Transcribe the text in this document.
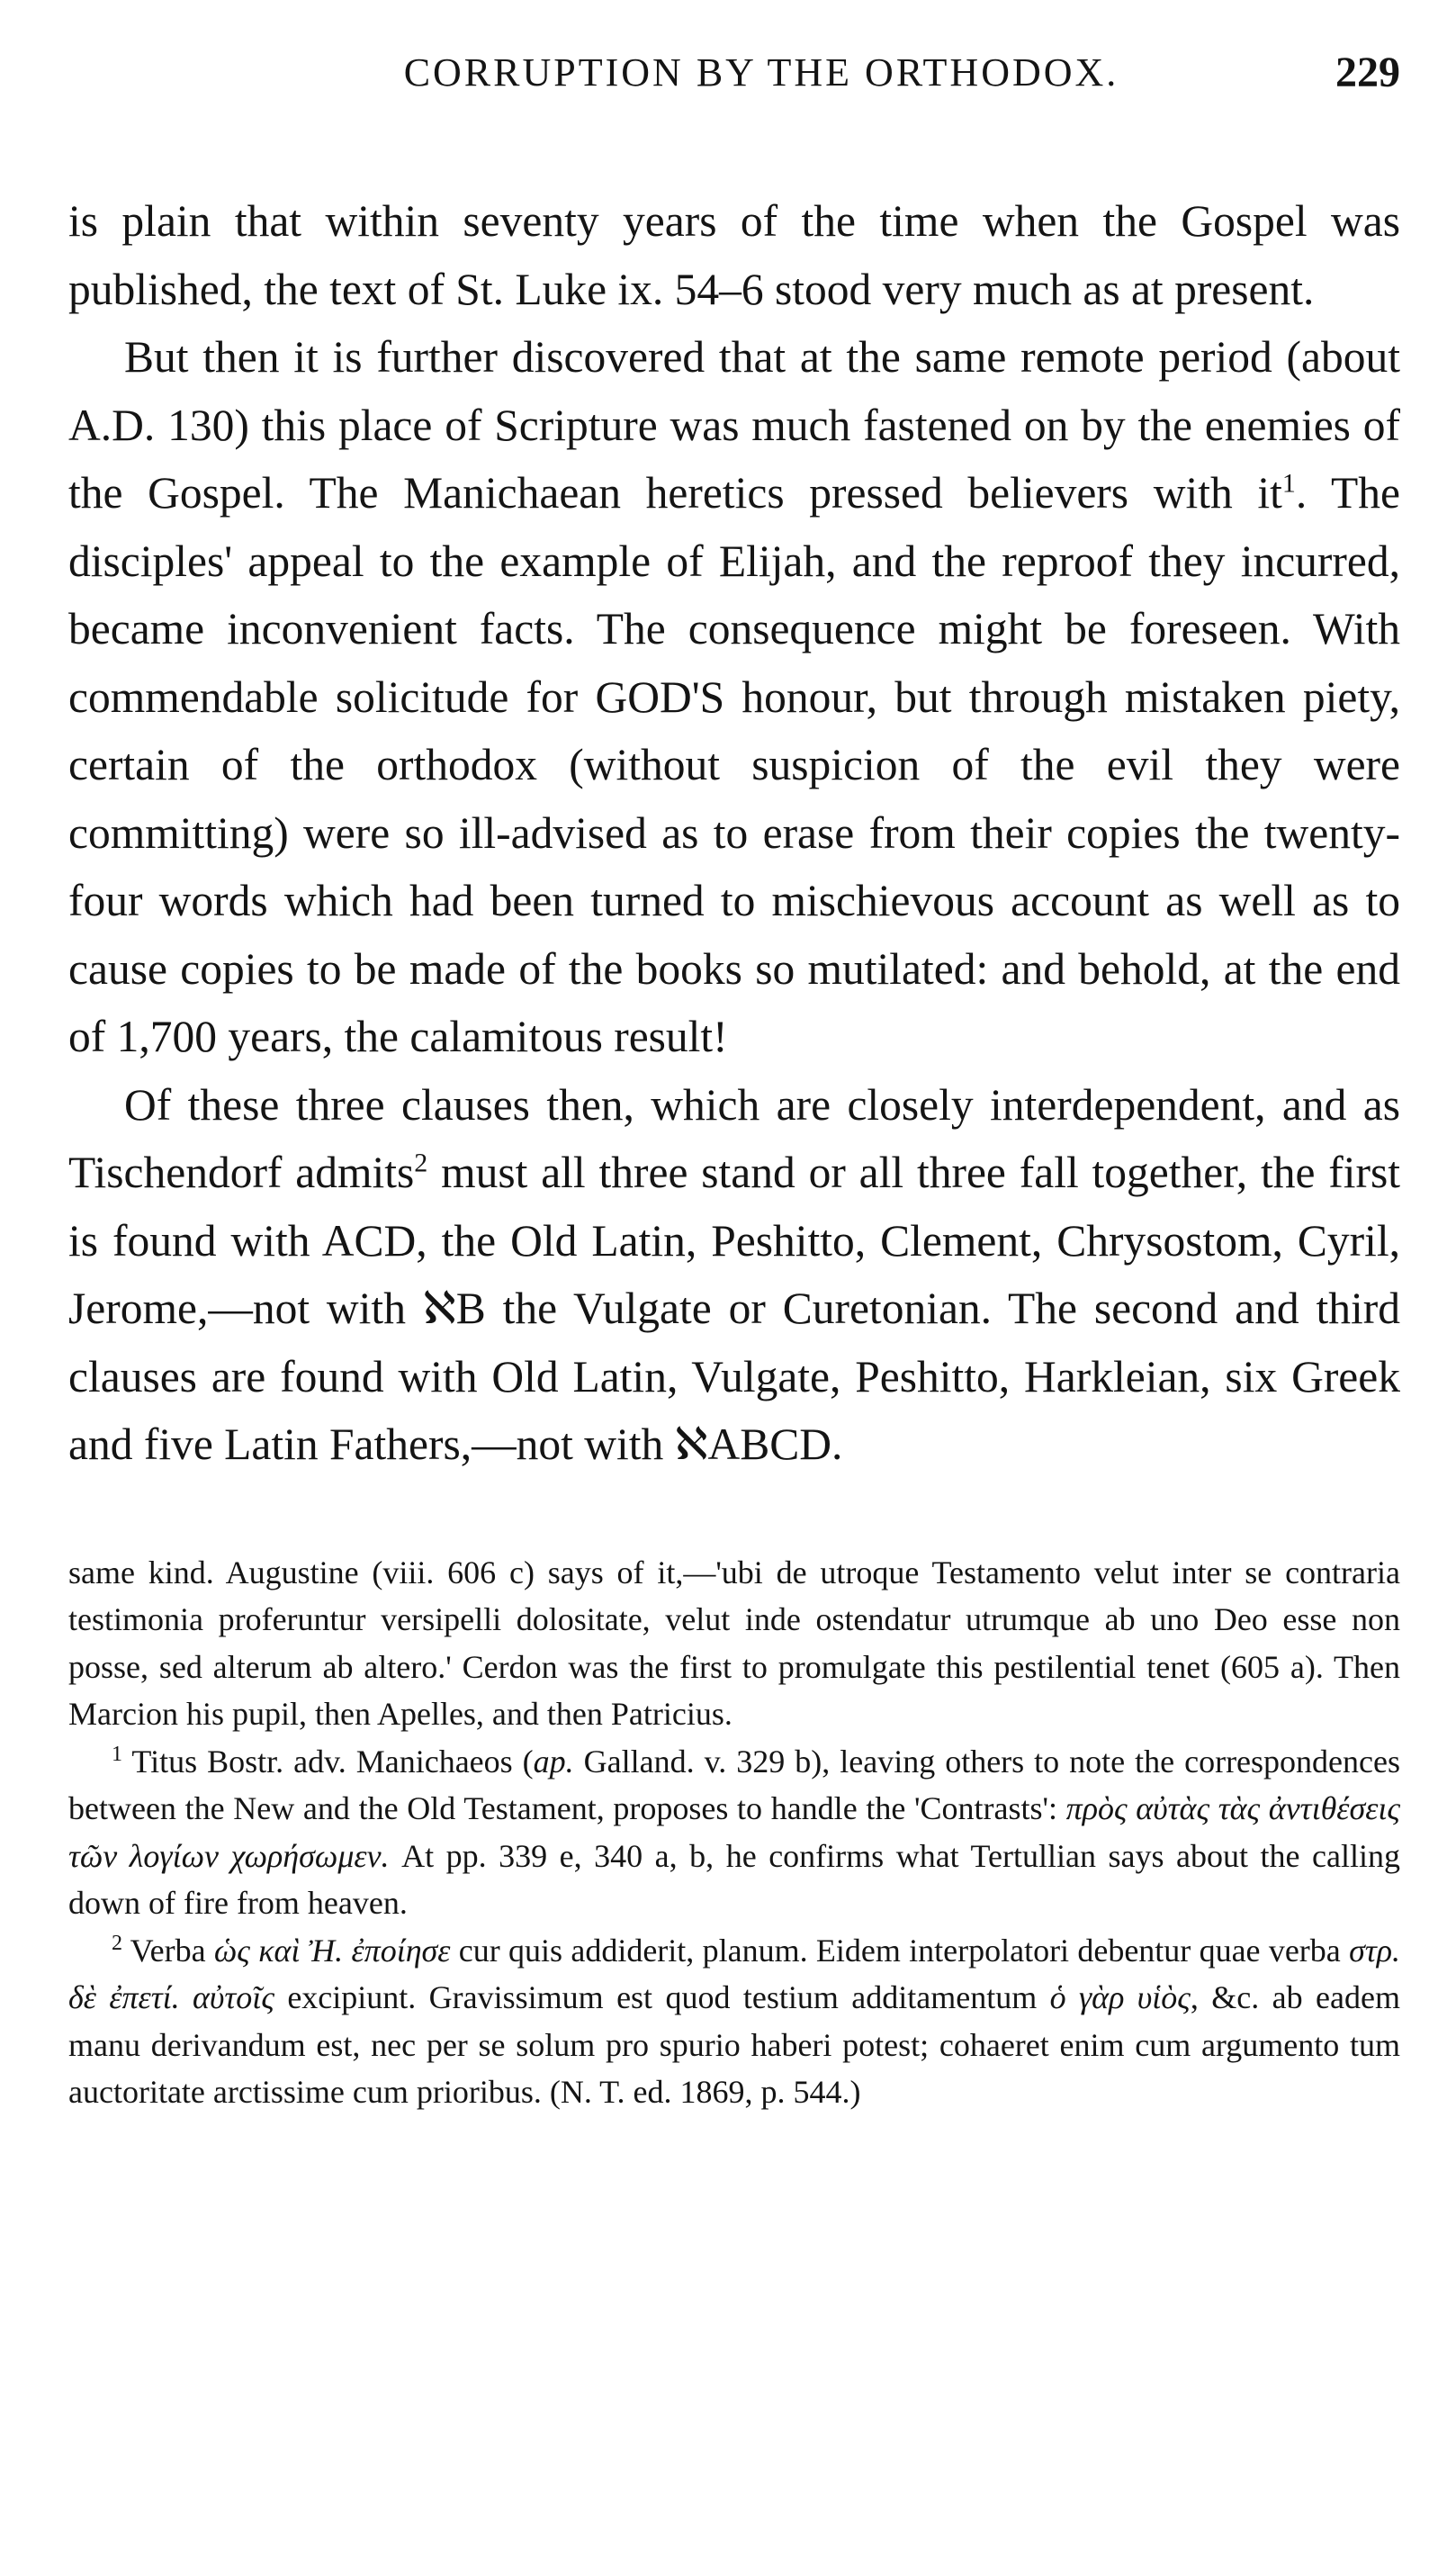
CORRUPTION BY THE ORTHODOX.	229

is plain that within seventy years of the time when the Gospel was published, the text of St. Luke ix. 54–6 stood very much as at present.

But then it is further discovered that at the same remote period (about A.D. 130) this place of Scripture was much fastened on by the enemies of the Gospel. The Manichaean heretics pressed believers with $it^1$. The disciples' appeal to the example of Elijah, and the reproof they incurred, became inconvenient facts. The consequence might be foreseen. With commendable solicitude for GOD'S honour, but through mistaken piety, certain of the orthodox (without suspicion of the evil they were committing) were so ill-advised as to erase from their copies the twenty-four words which had been turned to mischievous account as well as to cause copies to be made of the books so mutilated: and behold, at the end of 1,700 years, the calamitous result!

Of these three clauses then, which are closely interdependent, and as Tischendorf admits$^2$ must all three stand or all three fall together, the first is found with ACD, the Old Latin, Peshitto, Clement, Chrysostom, Cyril, Jerome,—not with ℵB the Vulgate or Curetonian. The second and third clauses are found with Old Latin, Vulgate, Peshitto, Harkleian, six Greek and five Latin Fathers,—not with ℵABCD.

same kind. Augustine (viii. 606 c) says of it,—'ubi de utroque Testamento velut inter se contraria testimonia proferuntur versipelli dolositate, velut inde ostendatur utrumque ab uno Deo esse non posse, sed alterum ab altero.' Cerdon was the first to promulgate this pestilential tenet (605 a). Then Marcion his pupil, then Apelles, and then Patricius.

$^1$ Titus Bostr. adv. Manichaeos (ap. Galland. v. 329 b), leaving others to note the correspondences between the New and the Old Testament, proposes to handle the 'Contrasts': πρὸς αὐτὰς τὰς ἀντιθέσεις τῶν λογίων χωρήσωμεν. At pp. 339 e, 340 a, b, he confirms what Tertullian says about the calling down of fire from heaven.

$^2$ Verba ὡς καὶ Ἠ. ἐποίησε cur quis addiderit, planum. Eidem interpolatori debentur quae verba στρ. δὲ ἐπετί. αὐτοῖς excipiunt. Gravissimum est quod testium additamentum ὁ γὰρ υἱὸς, &c. ab eadem manu derivandum est, nec per se solum pro spurio haberi potest; cohaeret enim cum argumento tum auctoritate arctissime cum prioribus. (N. T. ed. 1869, p. 544.)
